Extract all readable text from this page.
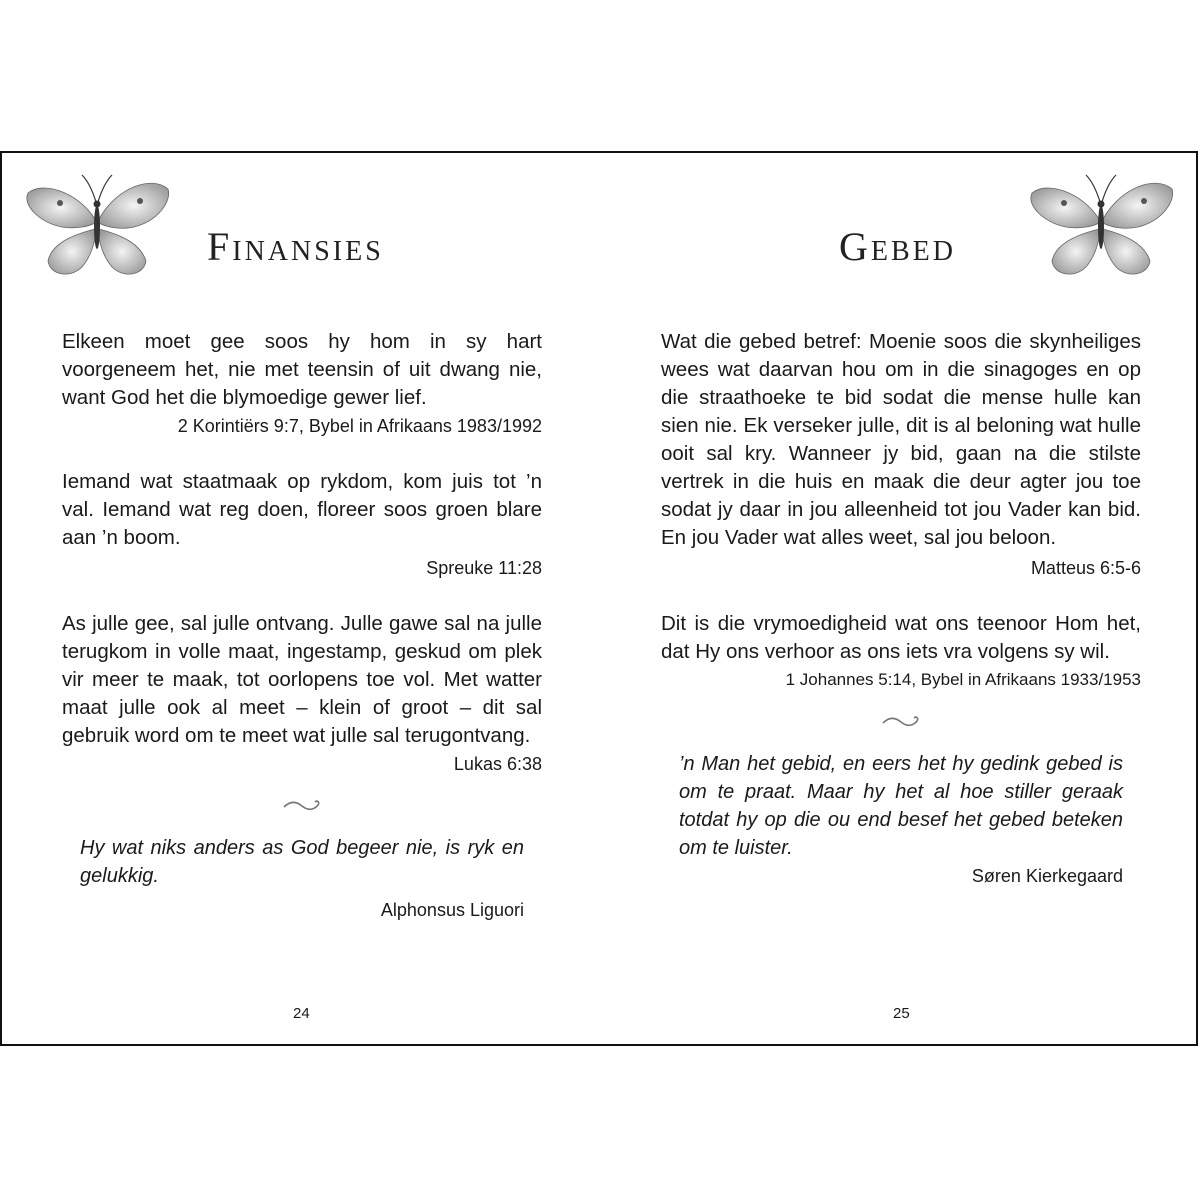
Finansies

Elkeen moet gee soos hy hom in sy hart voorgeneem het, nie met teensin of uit dwang nie, want God het die blymoedige gewer lief.

2 Korintiërs 9:7, Bybel in Afrikaans 1983/1992

Iemand wat staatmaak op rykdom, kom juis tot ’n val. Iemand wat reg doen, floreer soos groen blare aan ’n boom.

Spreuke 11:28

As julle gee, sal julle ontvang. Julle gawe sal na julle terugkom in volle maat, ingestamp, geskud om plek vir meer te maak, tot oorlopens toe vol. Met watter maat julle ook al meet – klein of groot – dit sal gebruik word om te meet wat julle sal terugontvang.

Lukas 6:38

Hy wat niks anders as God begeer nie, is ryk en gelukkig.

Alphonsus Liguori

24
Gebed

Wat die gebed betref: Moenie soos die skynheiliges wees wat daarvan hou om in die sinagoges en op die straathoeke te bid sodat die mense hulle kan sien nie. Ek verseker julle, dit is al beloning wat hulle ooit sal kry. Wanneer jy bid, gaan na die stilste vertrek in die huis en maak die deur agter jou toe sodat jy daar in jou alleenheid tot jou Vader kan bid. En jou Vader wat alles weet, sal jou beloon.

Matteus 6:5-6

Dit is die vrymoedigheid wat ons teenoor Hom het, dat Hy ons verhoor as ons iets vra volgens sy wil.

1 Johannes 5:14, Bybel in Afrikaans 1933/1953

’n Man het gebid, en eers het hy gedink gebed is om te praat. Maar hy het al hoe stiller geraak totdat hy op die ou end besef het gebed beteken om te luister.

Søren Kierkegaard

25
